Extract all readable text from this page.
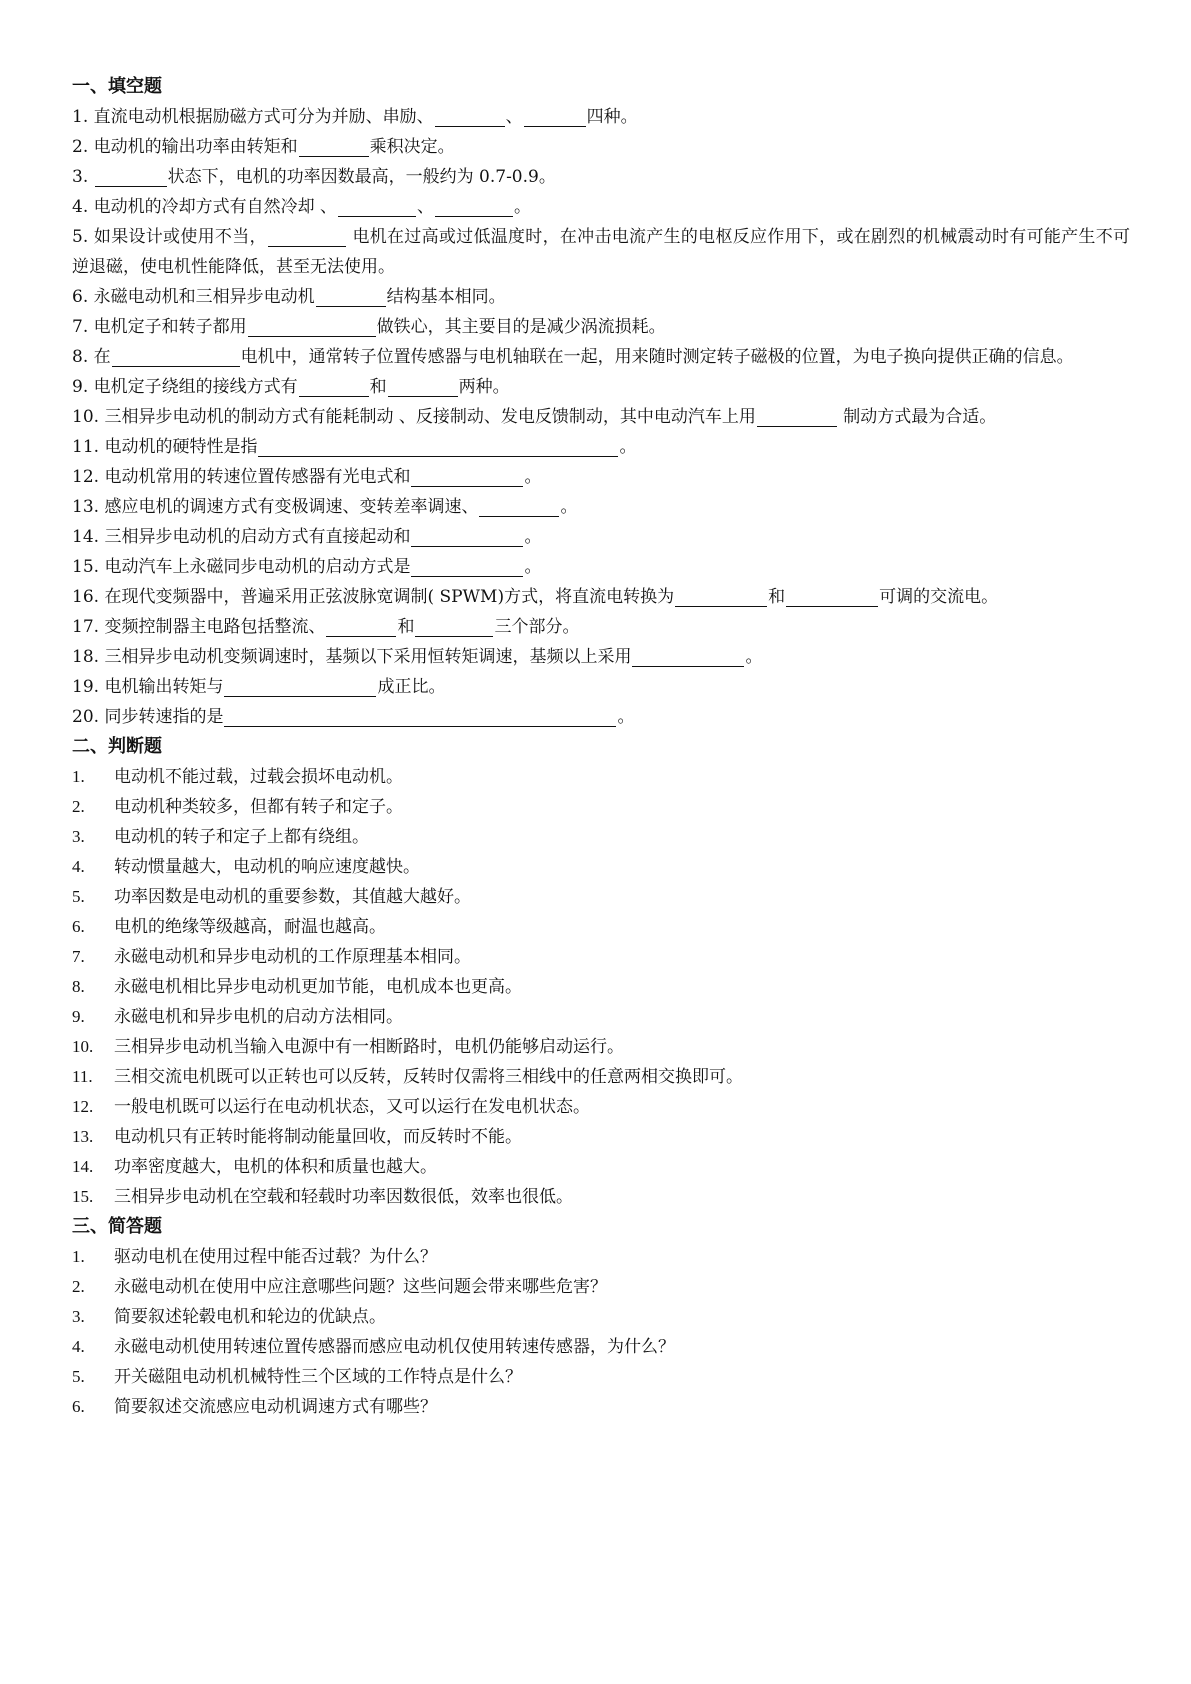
一、填空题
1. 直流电动机根据励磁方式可分为并励、串励、	、	四种。
2. 电动机的输出功率由转矩和	乘积决定。
3.	状态下，电机的功率因数最高，一般约为 0.7-0.9。
4. 电动机的冷却方式有自然冷却 、	、	。
5. 如果设计或使用不当，	电机在过高或过低温度时，在冲击电流产生的电枢反应作用下，或在剧烈的机械震动时有可能产生不可逆退磁，使电机性能降低，甚至无法使用。
6. 永磁电动机和三相异步电动机	结构基本相同。
7. 电机定子和转子都用	做铁心，其主要目的是减少涡流损耗。
8. 在	电机中，通常转子位置传感器与电机轴联在一起，用来随时测定转子磁极的位置，为电子换向提供正确的信息。
9. 电机定子绕组的接线方式有	和	两种。
10. 三相异步电动机的制动方式有能耗制动 、反接制动、发电反馈制动，其中电动汽车上用	制动方式最为合适。
11. 电动机的硬特性是指	。
12. 电动机常用的转速位置传感器有光电式和	。
13. 感应电机的调速方式有变极调速、变转差率调速、	。
14. 三相异步电动机的启动方式有直接起动和	。
15. 电动汽车上永磁同步电动机的启动方式是	。
16. 在现代变频器中，普遍采用正弦波脉宽调制( SPWM)方式，将直流电转换为	和	可调的交流电。
17. 变频控制器主电路包括整流、	和	三个部分。
18. 三相异步电动机变频调速时，基频以下采用恒转矩调速，基频以上采用	。
19. 电机输出转矩与	成正比。
20. 同步转速指的是	。
二、判断题
1. 电动机不能过载，过载会损坏电动机。
2. 电动机种类较多，但都有转子和定子。
3. 电动机的转子和定子上都有绕组。
4. 转动惯量越大，电动机的响应速度越快。
5. 功率因数是电动机的重要参数，其值越大越好。
6. 电机的绝缘等级越高，耐温也越高。
7. 永磁电动机和异步电动机的工作原理基本相同。
8. 永磁电机相比异步电动机更加节能，电机成本也更高。
9. 永磁电机和异步电机的启动方法相同。
10. 三相异步电动机当输入电源中有一相断路时，电机仍能够启动运行。
11. 三相交流电机既可以正转也可以反转，反转时仅需将三相线中的任意两相交换即可。
12. 一般电机既可以运行在电动机状态，又可以运行在发电机状态。
13. 电动机只有正转时能将制动能量回收，而反转时不能。
14. 功率密度越大，电机的体积和质量也越大。
15. 三相异步电动机在空载和轻载时功率因数很低，效率也很低。
三、简答题
1. 驱动电机在使用过程中能否过载？为什么？
2. 永磁电动机在使用中应注意哪些问题？这些问题会带来哪些危害？
3. 简要叙述轮毂电机和轮边的优缺点。
4. 永磁电动机使用转速位置传感器而感应电动机仅使用转速传感器，为什么？
5. 开关磁阻电动机机械特性三个区域的工作特点是什么？
6. 简要叙述交流感应电动机调速方式有哪些？
